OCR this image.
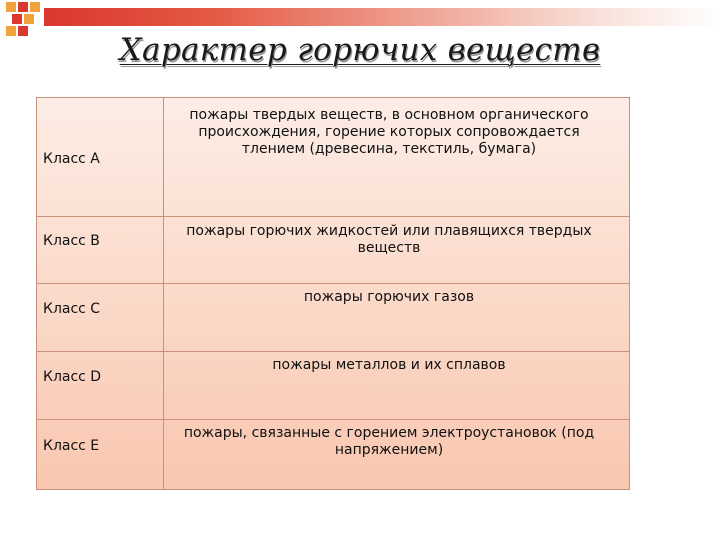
Характер горючих веществ
Класс А
пожары твердых веществ, в основном органического происхождения, горение которых сопровождается тлением (древесина, текстиль, бумага)
Класс В
пожары горючих жидкостей или плавящихся твердых веществ
Класс С
пожары горючих газов
Класс D
пожары металлов и их сплавов
Класс Е
пожары, связанные с горением электроустановок (под напряжением)
